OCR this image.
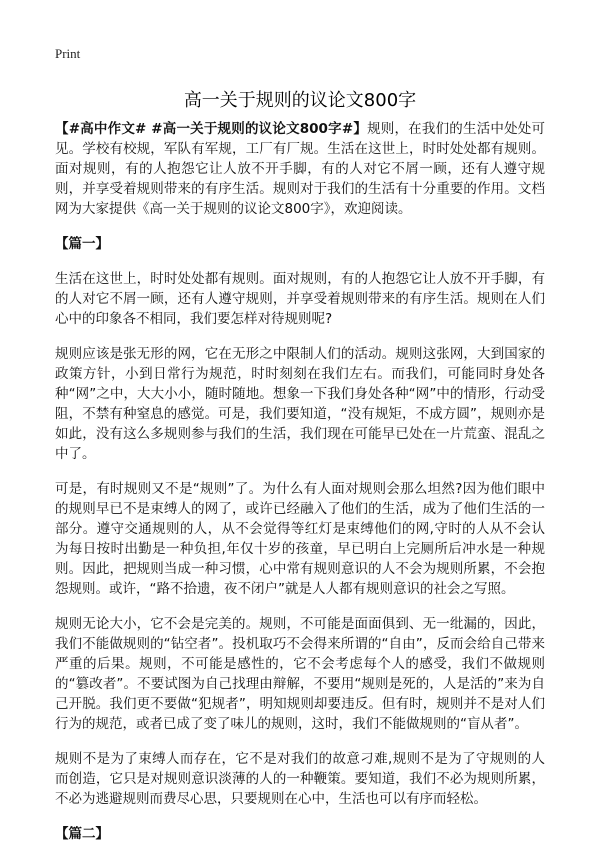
Print
高一关于规则的议论文800字

【#高中作文# #高一关于规则的议论文800字#】规则，在我们的生活中处处可见。学校有校规，军队有军规，工厂有厂规。生活在这世上，时时处处都有规则。面对规则，有的人抱怨它让人放不开手脚，有的人对它不屑一顾，还有人遵守规则，并享受着规则带来的有序生活。规则对于我们的生活有十分重要的作用。文档网为大家提供《高一关于规则的议论文800字》，欢迎阅读。

【篇一】

生活在这世上，时时处处都有规则。面对规则，有的人抱怨它让人放不开手脚，有的人对它不屑一顾，还有人遵守规则，并享受着规则带来的有序生活。规则在人们心中的印象各不相同，我们要怎样对待规则呢?

规则应该是张无形的网，它在无形之中限制人们的活动。规则这张网，大到国家的政策方针，小到日常行为规范，时时刻刻在我们左右。而我们，可能同时身处各种“网”之中，大大小小，随时随地。想象一下我们身处各种“网”中的情形，行动受阻，不禁有种窒息的感觉。可是，我们要知道，“没有规矩，不成方圆”，规则亦是如此，没有这么多规则参与我们的生活，我们现在可能早已处在一片荒蛮、混乱之中了。

可是，有时规则又不是“规则”了。为什么有人面对规则会那么坦然?因为他们眼中的规则早已不是束缚人的网了，或许已经融入了他们的生活，成为了他们生活的一部分。遵守交通规则的人，从不会觉得等红灯是束缚他们的网,守时的人从不会认为每日按时出勤是一种负担,年仅十岁的孩童，早已明白上完厕所后冲水是一种规则。因此，把规则当成一种习惯，心中常有规则意识的人不会为规则所累，不会抱怨规则。或许，“路不拾遗，夜不闭户”就是人人都有规则意识的社会之写照。

规则无论大小，它不会是完美的。规则，不可能是面面俱到、无一纰漏的，因此，我们不能做规则的“钻空者”。投机取巧不会得来所谓的“自由”，反而会给自己带来严重的后果。规则，不可能是感性的，它不会考虑每个人的感受，我们不做规则的“篡改者”。不要试图为自己找理由辩解，不要用“规则是死的，人是活的”来为自己开脱。我们更不要做“犯规者”，明知规则却要违反。但有时，规则并不是对人们行为的规范，或者已成了变了味儿的规则，这时，我们不能做规则的“盲从者”。

规则不是为了束缚人而存在，它不是对我们的故意刁难,规则不是为了守规则的人而创造，它只是对规则意识淡薄的人的一种鞭策。要知道，我们不必为规则所累，不必为逃避规则而费尽心思，只要规则在心中，生活也可以有序而轻松。

【篇二】
